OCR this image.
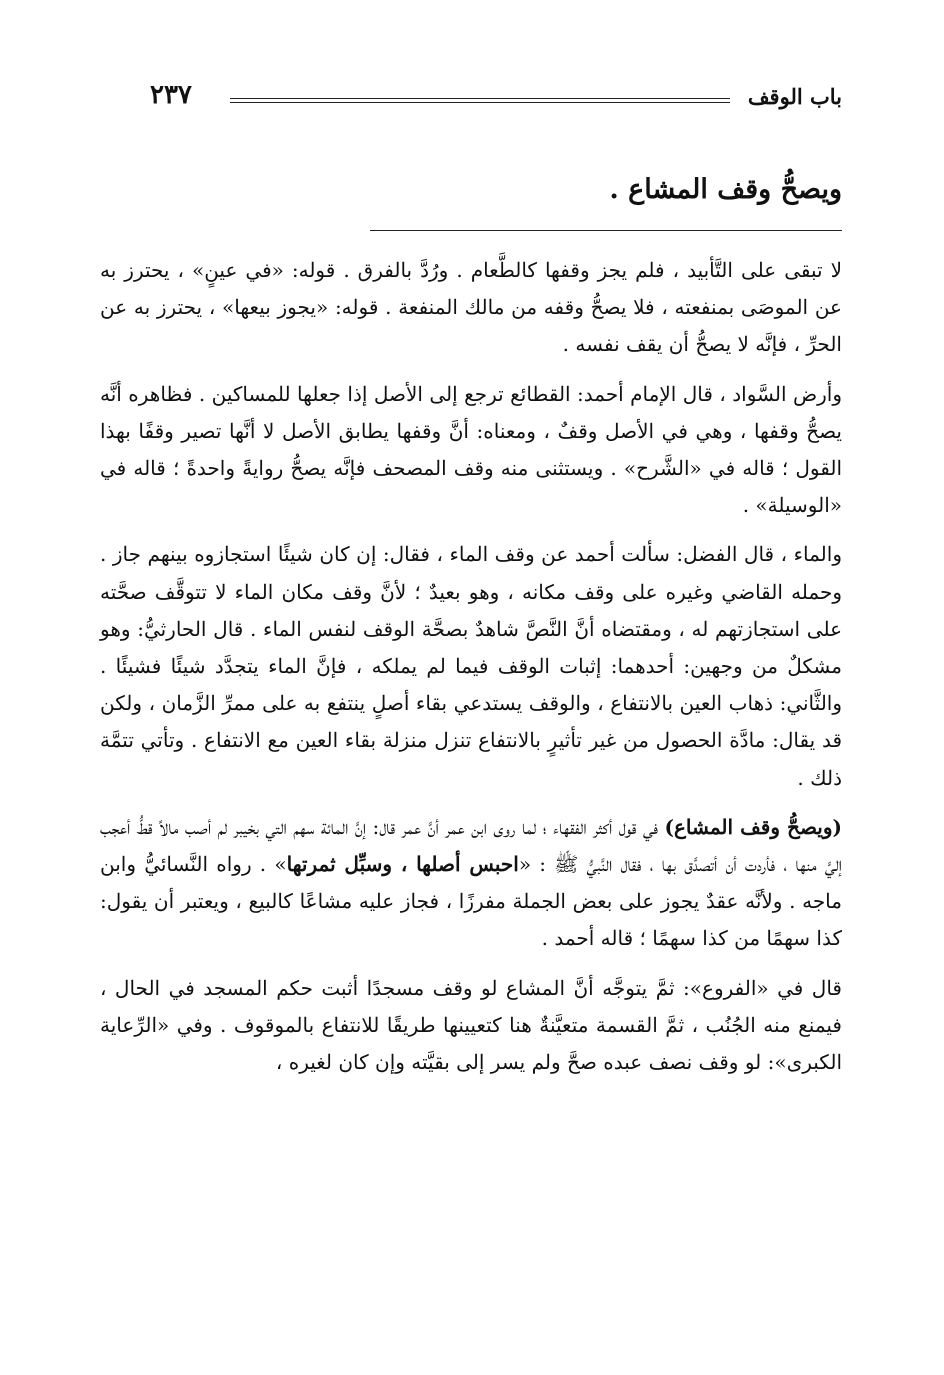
باب الوقف
٢٣٧
ويصحُّ وقف المشاع .

لا تبقى على التَّأبيد ، فلم يجز وقفها كالطَّعام . ورُدَّ بالفرق . قوله: «في عينٍ» ، يحترز به عن الموصَى بمنفعته ، فلا يصحُّ وقفه من مالك المنفعة . قوله: «يجوز بيعها» ، يحترز به عن الحرِّ ، فإنَّه لا يصحُّ أن يقف نفسه .

وأرض السَّواد ، قال الإمام أحمد: القطائع ترجع إلى الأصل إذا جعلها للمساكين . فظاهره أنَّه يصحُّ وقفها ، وهي في الأصل وقفٌ ، ومعناه: أنَّ وقفها يطابق الأصل لا أنَّها تصير وقفًا بهذا القول ؛ قاله في «الشَّرح» . ويستثنى منه وقف المصحف فإنَّه يصحُّ روايةً واحدةً ؛ قاله في «الوسيلة» .

والماء ، قال الفضل: سألت أحمد عن وقف الماء ، فقال: إن كان شيئًا استجازوه بينهم جاز . وحمله القاضي وغيره على وقف مكانه ، وهو بعيدٌ ؛ لأنَّ وقف مكان الماء لا تتوقَّف صحَّته على استجازتهم له ، ومقتضاه أنَّ النَّصَّ شاهدٌ بصحَّة الوقف لنفس الماء . قال الحارثيُّ: وهو مشكلٌ من وجهين: أحدهما: إثبات الوقف فيما لم يملكه ، فإنَّ الماء يتجدَّد شيئًا فشيئًا . والثَّاني: ذهاب العين بالانتفاع ، والوقف يستدعي بقاء أصلٍ ينتفع به على ممرِّ الزَّمان ، ولكن قد يقال: مادَّة الحصول من غير تأثيرٍ بالانتفاع تنزل منزلة بقاء العين مع الانتفاع . وتأتي تتمَّة ذلك .

(ويصحُّ وقف المشاع) في قول أكثر الفقهاء ؛ لما روى ابن عمر أنَّ عمر قال: إنَّ المائة سهم التي بخيبر لم أصب مالاً قطُّ أعجب إليَّ منها ، فأردت أن أتصدَّق بها ، فقال النَّبيُّ ﷺ : «احبس أصلها ، وسبِّل ثمرتها» . رواه النَّسائيُّ وابن ماجه . ولأنَّه عقدٌ يجوز على بعض الجملة مفرزًا ، فجاز عليه مشاعًا كالبيع ، ويعتبر أن يقول: كذا سهمًا من كذا سهمًا ؛ قاله أحمد .

قال في «الفروع»: ثمَّ يتوجَّه أنَّ المشاع لو وقف مسجدًا أثبت حكم المسجد في الحال ، فيمنع منه الجُنُب ، ثمَّ القسمة متعيَّنةٌ هنا كتعيينها طريقًا للانتفاع بالموقوف . وفي «الرِّعاية الكبرى»: لو وقف نصف عبده صحَّ ولم يسر إلى بقيَّته وإن كان لغيره ،
